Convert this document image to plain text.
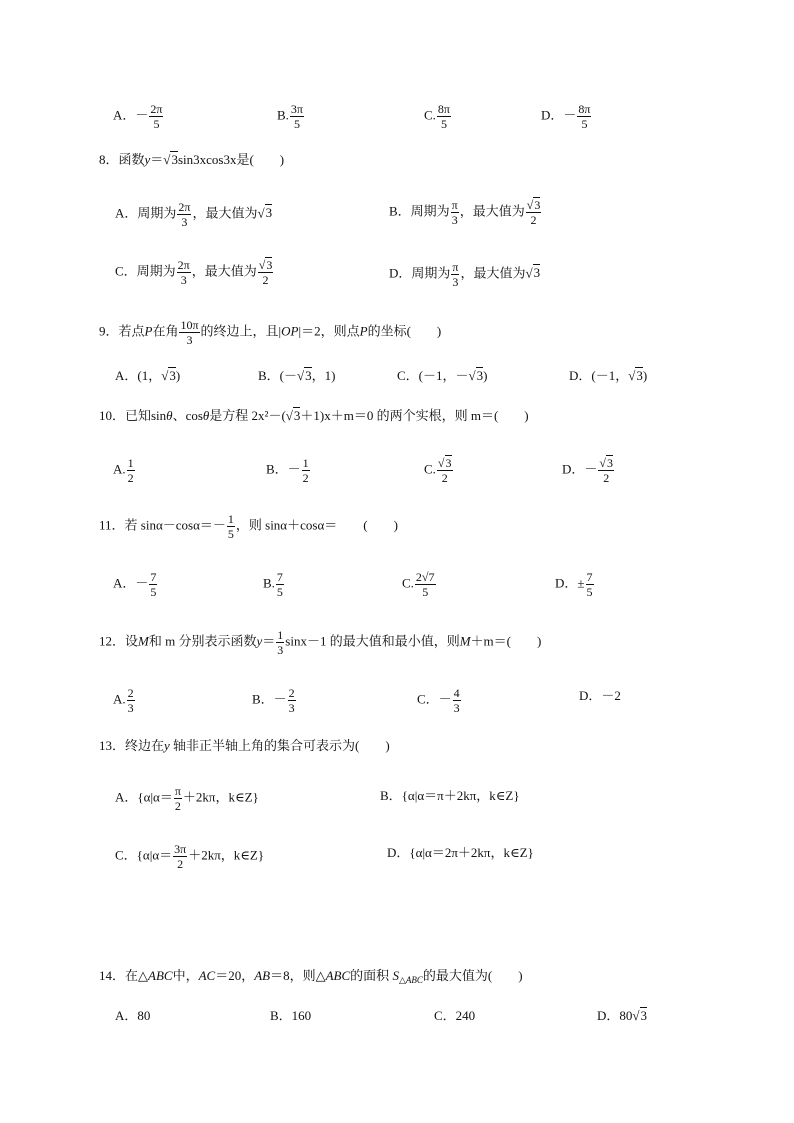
A．－ $\frac{2\pi}{5}$	B. $\frac{3\pi}{5}$	C. $\frac{8\pi}{5}$	D．－ $\frac{8\pi}{5}$
8．函数y＝√3sin3xcos3x是(　　)
A．周期为 $\frac{2\pi}{3}$ ，最大值为√3	B．周期为 $\frac{\pi}{3}$ ，最大值为 $\frac{√3}{2}$
C．周期为 $\frac{2\pi}{3}$ ，最大值为 $\frac{√3}{2}$	D．周期为 $\frac{\pi}{3}$ ，最大值为√3
9．若点P在角 $\frac{10\pi}{3}$ 的终边上，且|OP|＝2，则点P的坐标(　　)
A．(1，√3)	B．(－√3，1)	C．(－1，－√3)	D．(－1，√3)
10．已知sinθ、cosθ是方程 2x²－(√3＋1)x＋m＝0 的两个实根，则 m＝(　　)
A. $\frac{1}{2}$	B．－ $\frac{1}{2}$	C. $\frac{√3}{2}$	D．－ $\frac{√3}{2}$
11．若 $\sin\alpha-\cos\alpha=- \frac{1}{5}$ ，则 sinα＋cosα＝　　(　　)
A．－ $\frac{7}{5}$	B. $\frac{7}{5}$	C. $\frac{2√7}{5}$	D．± $\frac{7}{5}$
12．设M和 m 分别表示函数$y= \frac{1}{3} \sin x-1$ 的最大值和最小值，则M＋m＝(　　)
A. $\frac{2}{3}$	B．－ $\frac{2}{3}$	C．－ $\frac{4}{3}$	D．－2
13．终边在y 轴非正半轴上角的集合可表示为(　　)
A．{$\alpha|\alpha= \frac{\pi}{2} +2k\pi$，k∈Z}	B．{α|α＝π＋2kπ，k∈Z}
C．{$\alpha|\alpha= \frac{3\pi}{2} +2k\pi$，k∈Z}	D．{α|α＝2π＋2kπ，k∈Z}
14．在△ABC中，AC＝20，AB＝8，则△ABC的面积 $S_{\triangle ABC}$的最大值为(　　)
A．80	B．160	C．240	D．80√3
